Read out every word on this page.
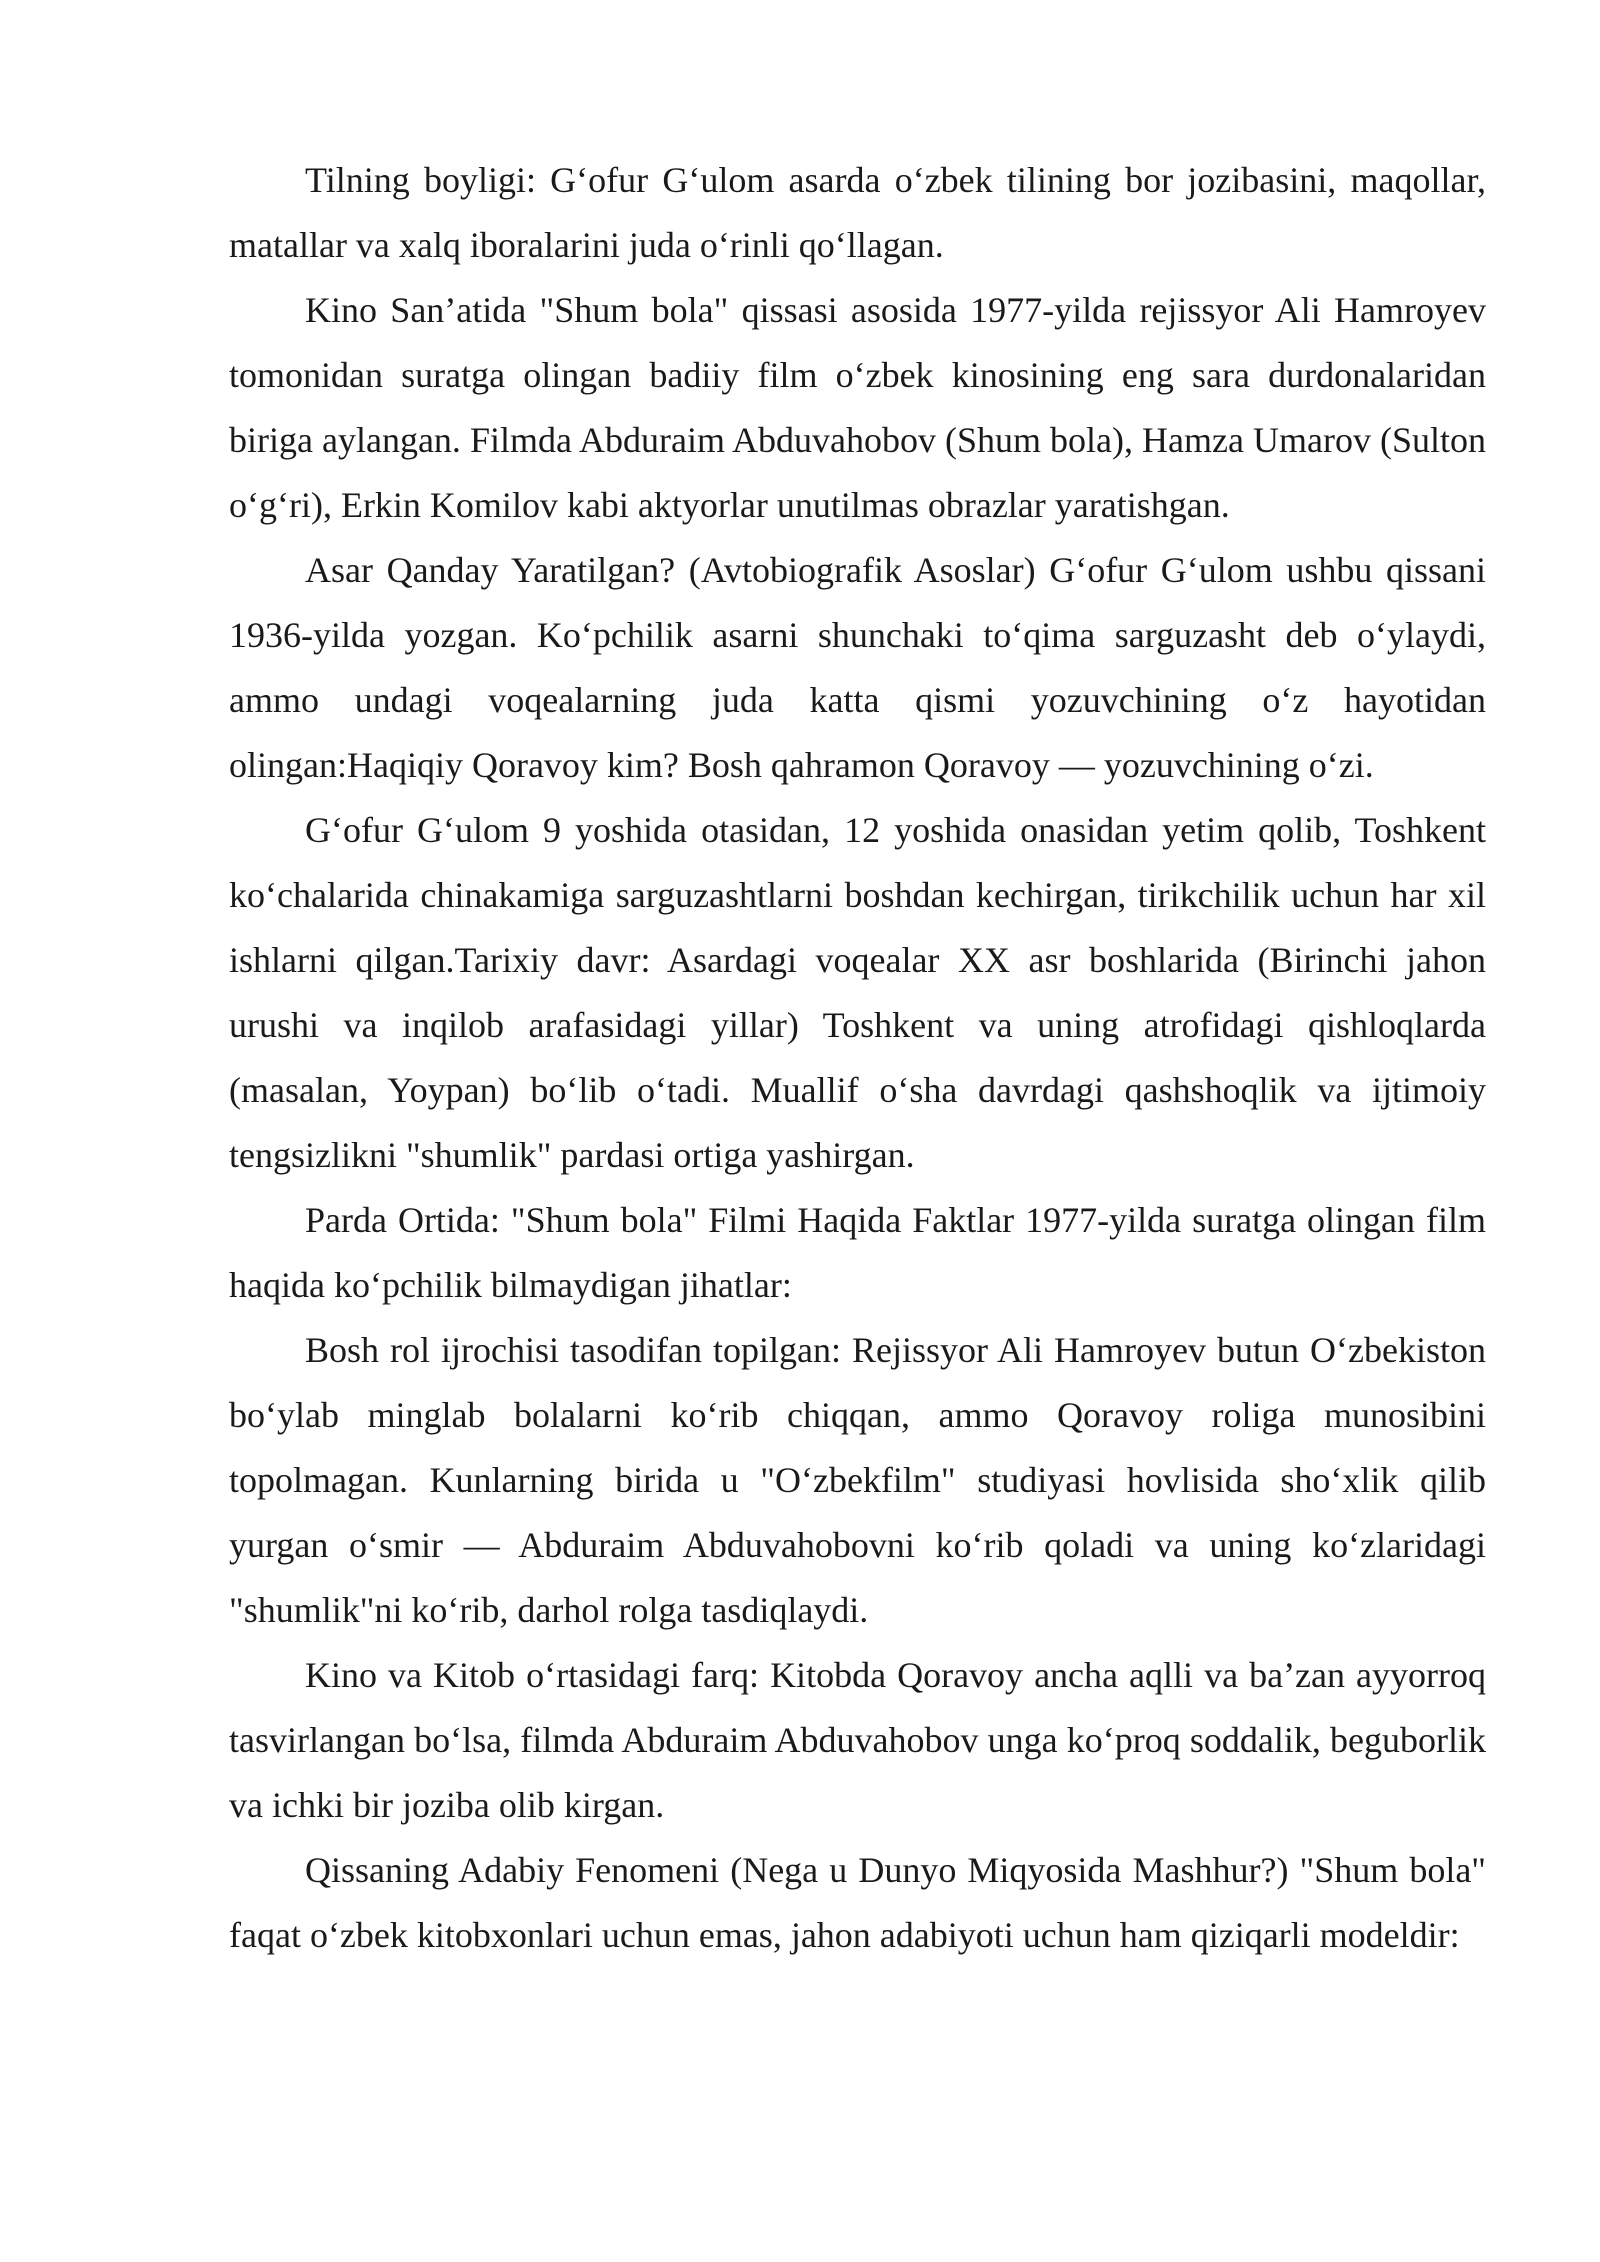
Tilning boyligi: G‘ofur G‘ulom asarda o‘zbek tilining bor jozibasini, maqollar, matallar va xalq iboralarini juda o‘rinli qo‘llagan.

Kino San’atida "Shum bola" qissasi asosida 1977-yilda rejissyor Ali Hamroyev tomonidan suratga olingan badiiy film o‘zbek kinosining eng sara durdonalaridan biriga aylangan. Filmda Abduraim Abduvahobov (Shum bola), Hamza Umarov (Sulton o‘g‘ri), Erkin Komilov kabi aktyorlar unutilmas obrazlar yaratishgan.

Asar Qanday Yaratilgan? (Avtobiografik Asoslar) G‘ofur G‘ulom ushbu qissani 1936-yilda yozgan. Ko‘pchilik asarni shunchaki to‘qima sarguzasht deb o‘ylaydi, ammo undagi voqealarning juda katta qismi yozuvchining o‘z hayotidan olingan:Haqiqiy Qoravoy kim? Bosh qahramon Qoravoy — yozuvchining o‘zi.

G‘ofur G‘ulom 9 yoshida otasidan, 12 yoshida onasidan yetim qolib, Toshkent ko‘chalarida chinakamiga sarguzashtlarni boshdan kechirgan, tirikchilik uchun har xil ishlarni qilgan.Tarixiy davr: Asardagi voqealar XX asr boshlarida (Birinchi jahon urushi va inqilob arafasidagi yillar) Toshkent va uning atrofidagi qishloqlarda (masalan, Yoypan) bo‘lib o‘tadi. Muallif o‘sha davrdagi qashshoqlik va ijtimoiy tengsizlikni "shumlik" pardasi ortiga yashirgan.

Parda Ortida: "Shum bola" Filmi Haqida Faktlar 1977-yilda suratga olingan film haqida ko‘pchilik bilmaydigan jihatlar:

Bosh rol ijrochisi tasodifan topilgan: Rejissyor Ali Hamroyev butun O‘zbekiston bo‘ylab minglab bolalarni ko‘rib chiqqan, ammo Qoravoy roliga munosibini topolmagan. Kunlarning birida u "O‘zbekfilm" studiyasi hovlisida sho‘xlik qilib yurgan o‘smir — Abduraim Abduvahobovni ko‘rib qoladi va uning ko‘zlaridagi "shumlik"ni ko‘rib, darhol rolga tasdiqlaydi.

Kino va Kitob o‘rtasidagi farq: Kitobda Qoravoy ancha aqlli va ba’zan ayyorroq tasvirlangan bo‘lsa, filmda Abduraim Abduvahobov unga ko‘proq soddalik, beguborlik va ichki bir joziba olib kirgan.

Qissaning Adabiy Fenomeni (Nega u Dunyo Miqyosida Mashhur?) "Shum bola" faqat o‘zbek kitobxonlari uchun emas, jahon adabiyoti uchun ham qiziqarli modeldir:
